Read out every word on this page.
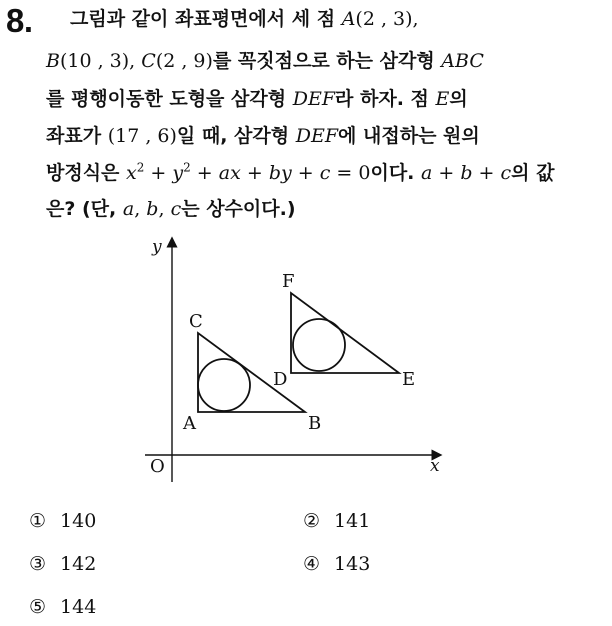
8. 그림과 같이 좌표평면에서 세 점 A(2 , 3),
B(10 , 3), C(2 , 9)를 꼭짓점으로 하는 삼각형 ABC
를 평행이동한 도형을 삼각형 DEF라 하자. 점 E의
좌표가 (17 , 6)일 때, 삼각형 DEF에 내접하는 원의
방정식은 $x^2 + y^2$ + ax + by + c = 0이다. a + b + c의 값
은? (단, a, b, c는 상수이다.)
x
y
O
A	B
C
D	E
F
① 140	② 141
③ 142	④ 143
⑤ 144
